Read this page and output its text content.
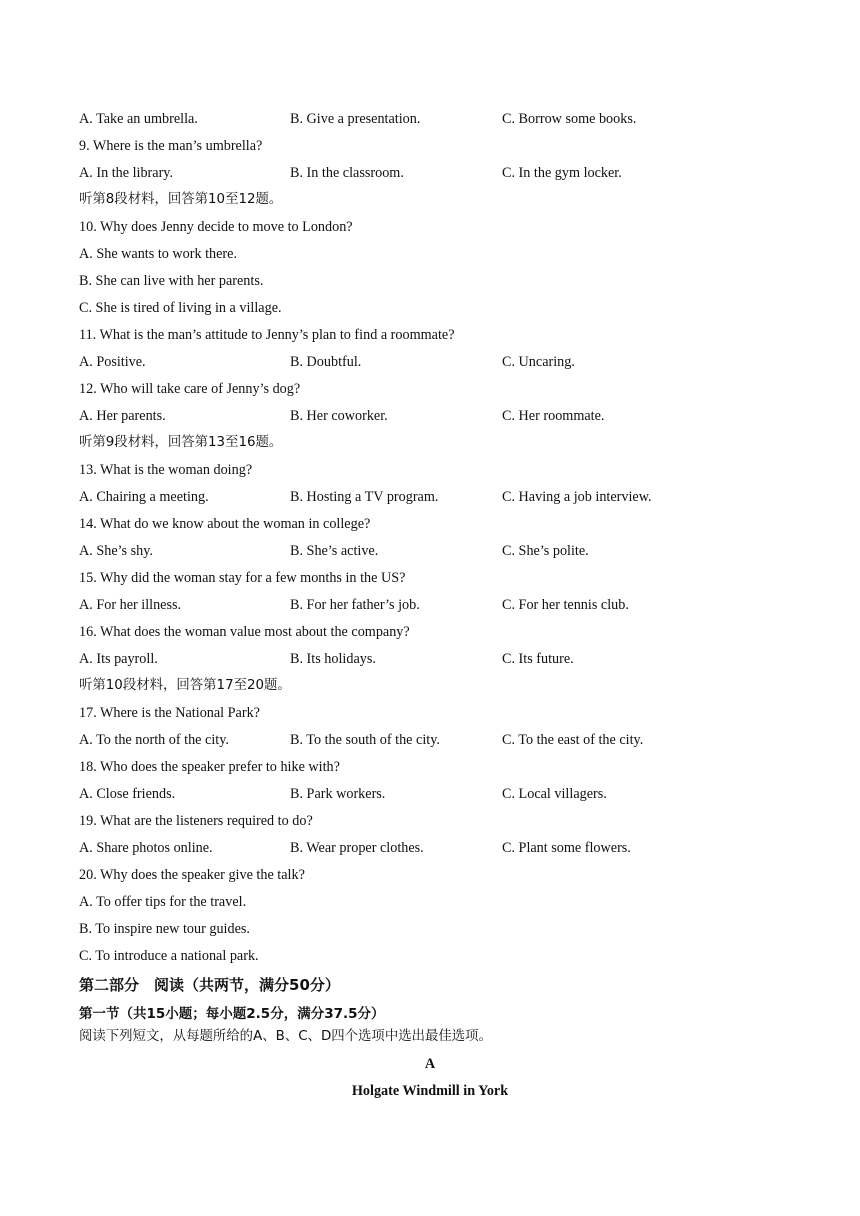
A. Take an umbrella.	B. Give a presentation.	C. Borrow some books.
9. Where is the man’s umbrella?
A. In the library.	B. In the classroom.	C. In the gym locker.
听第8段材料，回答第10至12题。
10. Why does Jenny decide to move to London?
A. She wants to work there.
B. She can live with her parents.
C. She is tired of living in a village.
11. What is the man’s attitude to Jenny’s plan to find a roommate?
A. Positive.	B. Doubtful.	C. Uncaring.
12. Who will take care of Jenny’s dog?
A. Her parents.	B. Her coworker.	C. Her roommate.
听第9段材料，回答第13至16题。
13. What is the woman doing?
A. Chairing a meeting.	B. Hosting a TV program.	C. Having a job interview.
14. What do we know about the woman in college?
A. She’s shy.	B. She’s active.	C. She’s polite.
15. Why did the woman stay for a few months in the US?
A. For her illness.	B. For her father’s job.	C. For her tennis club.
16. What does the woman value most about the company?
A. Its payroll.	B. Its holidays.	C. Its future.
听第10段材料，回答第17至20题。
17. Where is the National Park?
A. To the north of the city.	B. To the south of the city.	C. To the east of the city.
18. Who does the speaker prefer to hike with?
A. Close friends.	B. Park workers.	C. Local villagers.
19. What are the listeners required to do?
A. Share photos online.	B. Wear proper clothes.	C. Plant some flowers.
20. Why does the speaker give the talk?
A. To offer tips for the travel.
B. To inspire new tour guides.
C. To introduce a national park.
第二部分　阅读（共两节，满分50分）
第一节（共15小题；每小题2.5分，满分37.5分）
阅读下列短文，从每题所给的A、B、C、D四个选项中选出最佳选项。
A
Holgate Windmill in York
